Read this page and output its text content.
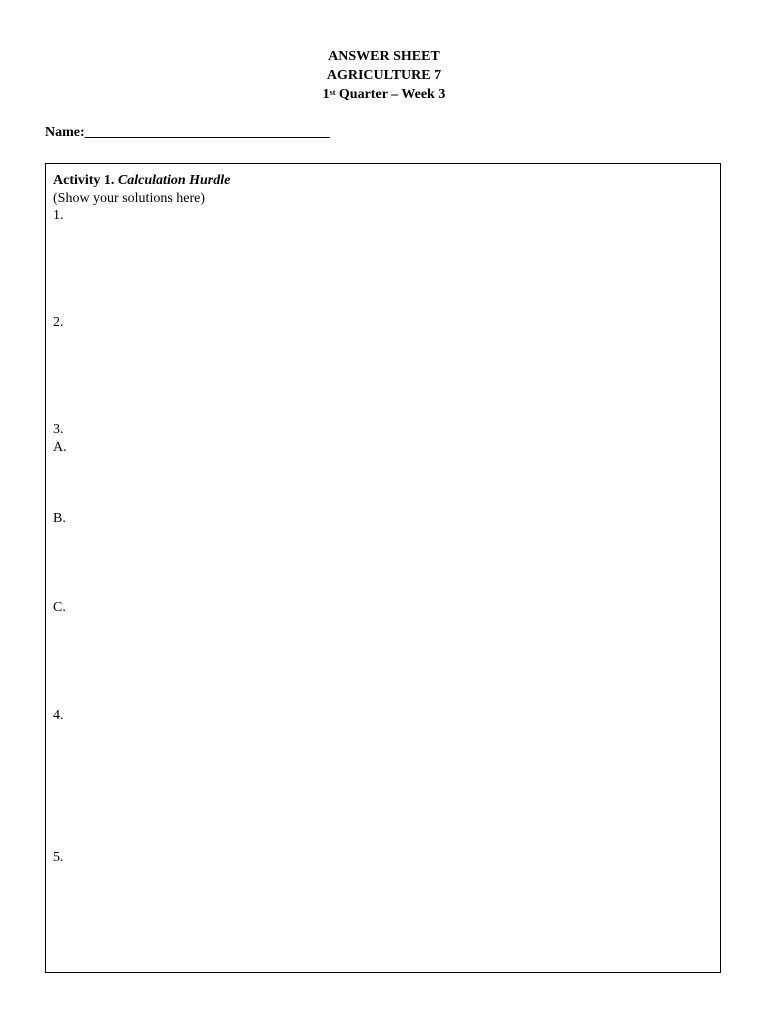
ANSWER SHEET
AGRICULTURE 7
1st Quarter – Week 3
Name:___________________________________
Activity 1. Calculation Hurdle
(Show your solutions here)
1.
2.
3.
A.
B.
C.
4.
5.
